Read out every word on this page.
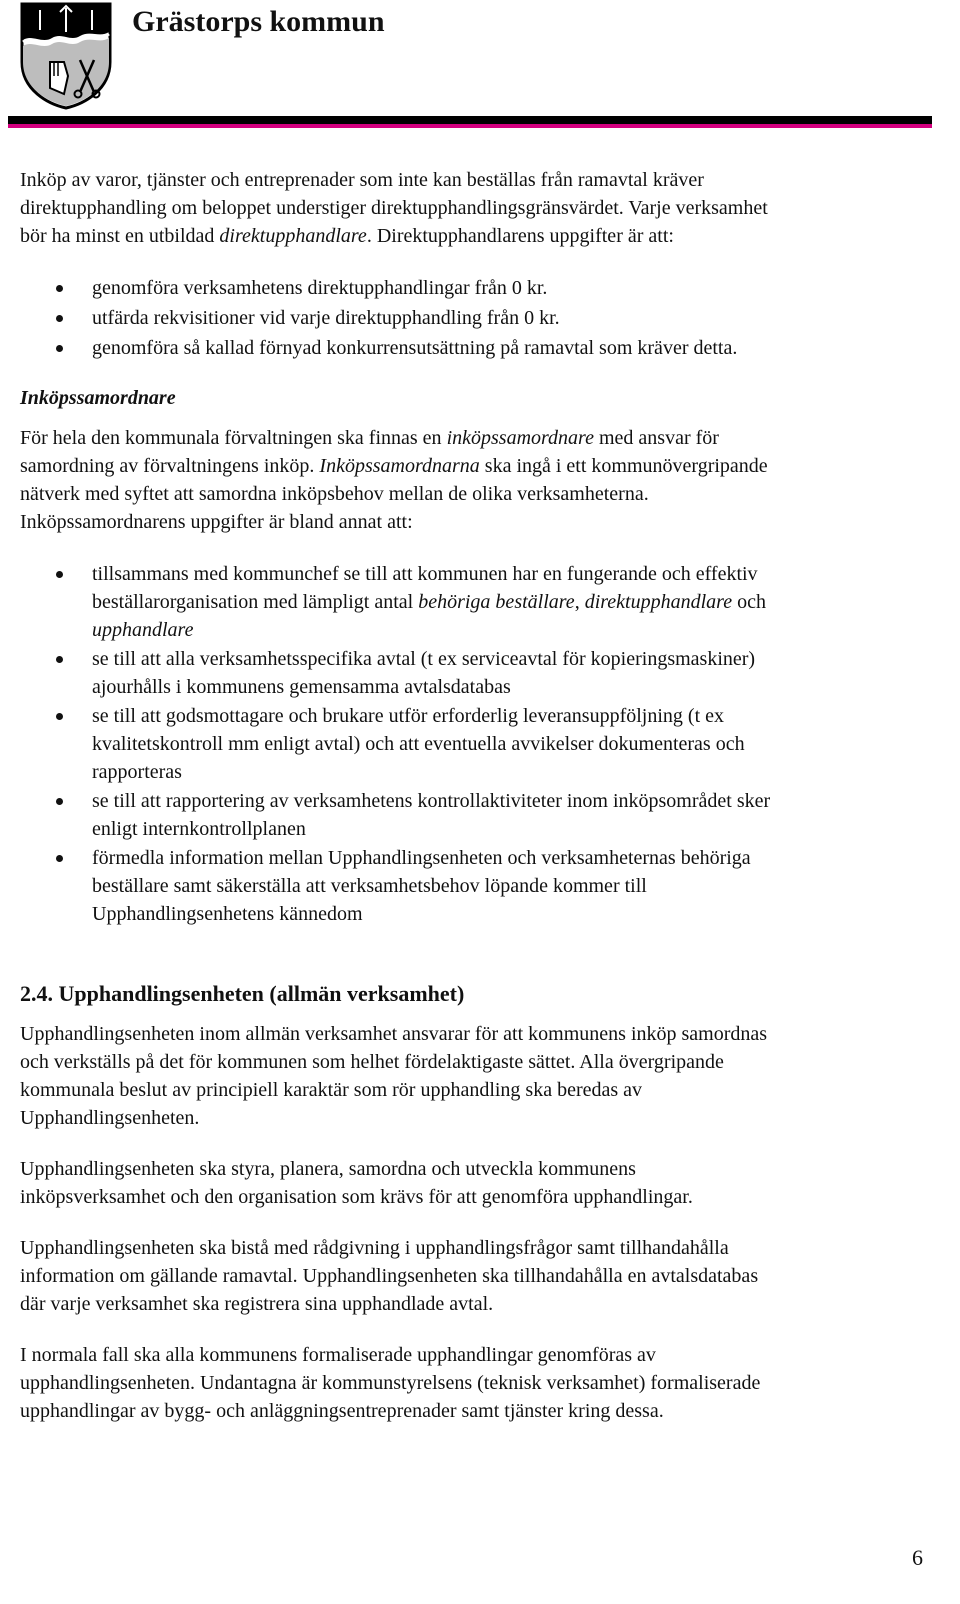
Grästorps kommun
Inköp av varor, tjänster och entreprenader som inte kan beställas från ramavtal kräver
direktupphandling om beloppet understiger direktupphandlingsgränsvärdet. Varje verksamhet
bör ha minst en utbildad direktupphandlare. Direktupphandlarens uppgifter är att:
genomföra verksamhetens direktupphandlingar från 0 kr.
utfärda rekvisitioner vid varje direktupphandling från 0 kr.
genomföra så kallad förnyad konkurrensutsättning på ramavtal som kräver detta.
Inköpssamordnare
För hela den kommunala förvaltningen ska finnas en inköpssamordnare med ansvar för
samordning av förvaltningens inköp. Inköpssamordnarna ska ingå i ett kommunövergripande
nätverk med syftet att samordna inköpsbehov mellan de olika verksamheterna.
Inköpssamordnarens uppgifter är bland annat att:
tillsammans med kommunchef se till att kommunen har en fungerande och effektiv
beställarorganisation med lämpligt antal behöriga beställare, direktupphandlare och
upphandlare
se till att alla verksamhetsspecifika avtal (t ex serviceavtal för kopieringsmaskiner)
ajourhålls i kommunens gemensamma avtalsdatabas
se till att godsmottagare och brukare utför erforderlig leveransuppföljning (t ex
kvalitetskontroll mm enligt avtal) och att eventuella avvikelser dokumenteras och
rapporteras
se till att rapportering av verksamhetens kontrollaktiviteter inom inköpsområdet sker
enligt internkontrollplanen
förmedla information mellan Upphandlingsenheten och verksamheternas behöriga
beställare samt säkerställa att verksamhetsbehov löpande kommer till
Upphandlingsenhetens kännedom
2.4. Upphandlingsenheten (allmän verksamhet)
Upphandlingsenheten inom allmän verksamhet ansvarar för att kommunens inköp samordnas
och verkställs på det för kommunen som helhet fördelaktigaste sättet. Alla övergripande
kommunala beslut av principiell karaktär som rör upphandling ska beredas av
Upphandlingsenheten.
Upphandlingsenheten ska styra, planera, samordna och utveckla kommunens
inköpsverksamhet och den organisation som krävs för att genomföra upphandlingar.
Upphandlingsenheten ska bistå med rådgivning i upphandlingsfrågor samt tillhandahålla
information om gällande ramavtal. Upphandlingsenheten ska tillhandahålla en avtalsdatabas
där varje verksamhet ska registrera sina upphandlade avtal.
I normala fall ska alla kommunens formaliserade upphandlingar genomföras av
upphandlingsenheten. Undantagna är kommunstyrelsens (teknisk verksamhet) formaliserade
upphandlingar av bygg- och anläggningsentreprenader samt tjänster kring dessa.
6
